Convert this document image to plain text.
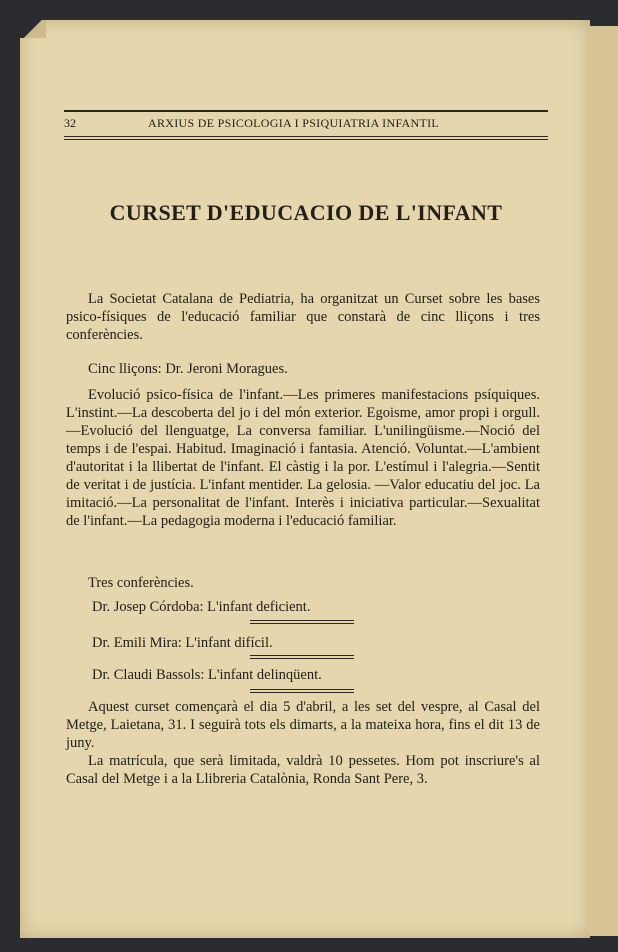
32	ARXIUS DE PSICOLOGIA I PSIQUIATRIA INFANTIL
CURSET D'EDUCACIO DE L'INFANT

La Societat Catalana de Pediatria, ha organitzat un Curset sobre les bases psico-físiques de l'educació familiar que constarà de cinc lliçons i tres conferències.

Cinc lliçons: Dr. Jeroni Moragues.

Evolució psico-física de l'infant.—Les primeres manifestacions psíquiques. L'instint.—La descoberta del jo i del món exterior. Egoisme, amor propi i orgull.—Evolució del llenguatge, La conversa familiar. L'unilingüisme.—Noció del temps i de l'espai. Habitud. Imaginació i fantasia. Atenció. Voluntat.—L'ambient d'autoritat i la llibertat de l'infant. El càstig i la por. L'estímul i l'alegria.—Sentit de veritat i de justícia. L'infant mentider. La gelosia. —Valor educatiu del joc. La imitació.—La personalitat de l'infant. Interès i iniciativa particular.—Sexualitat de l'infant.—La pedagogia moderna i l'educació familiar.

Tres conferències.

Dr. Josep Córdoba: L'infant deficient.
Dr. Emili Mira: L'infant difícil.
Dr. Claudi Bassols: L'infant delinqüent.

Aquest curset començarà el dia 5 d'abril, a les set del vespre, al Casal del Metge, Laietana, 31. I seguirà tots els dimarts, a la mateixa hora, fins el dit 13 de juny.

La matrícula, que serà limitada, valdrà 10 pessetes. Hom pot inscriure's al Casal del Metge i a la Llibreria Catalònia, Ronda Sant Pere, 3.
